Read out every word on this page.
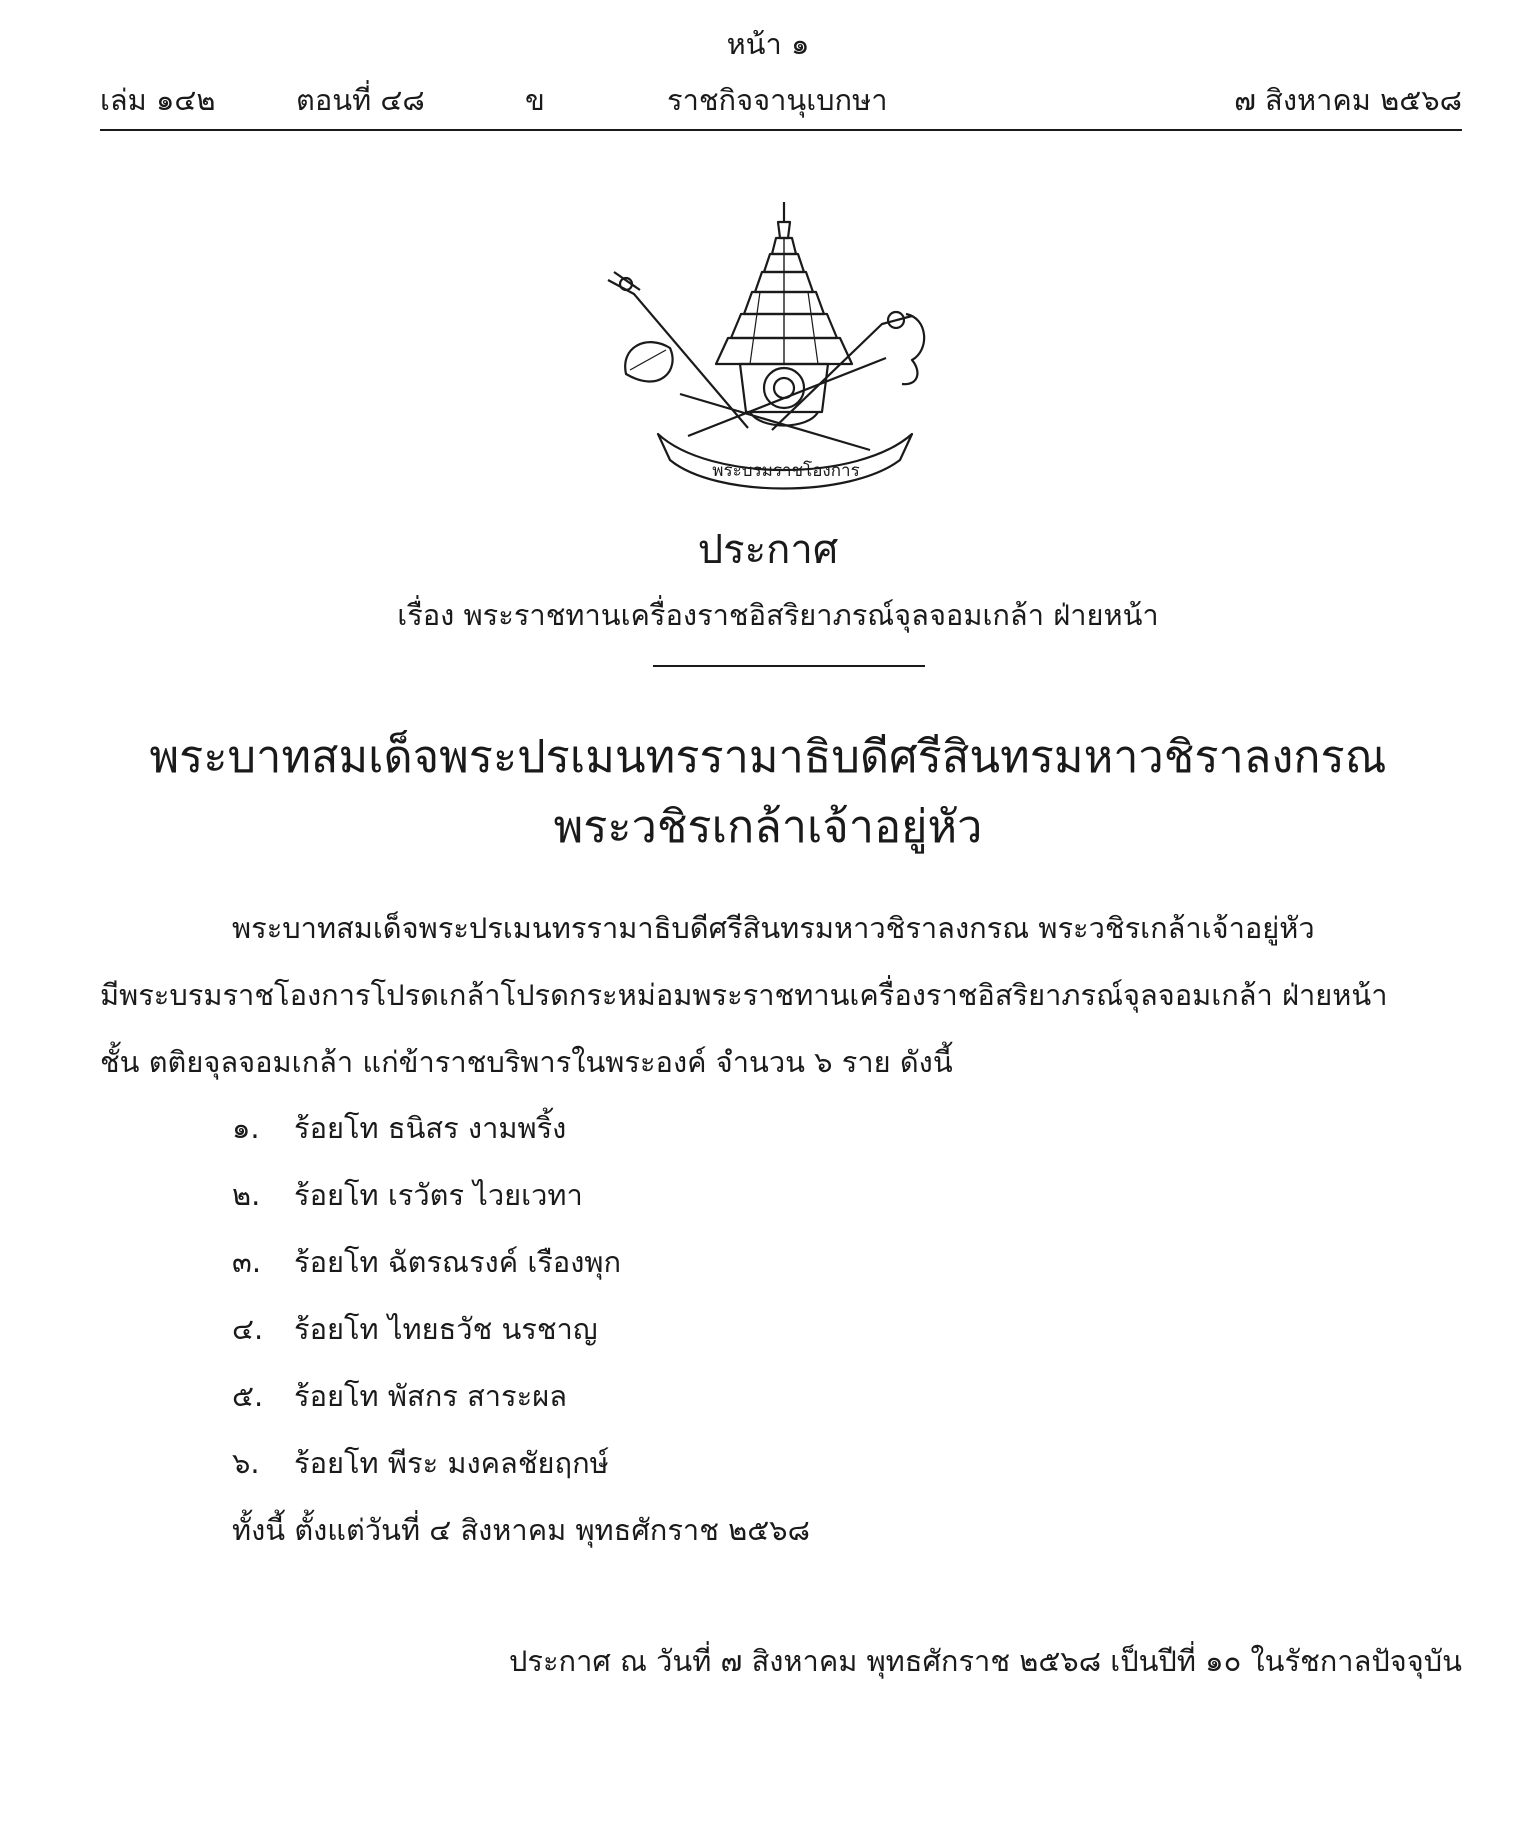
หน้า ๑
เล่ม ๑๔๒	ตอนที่ ๔๘	ข	ราชกิจจานุเบกษา	๗ สิงหาคม ๒๕๖๘
พระบรมราชโองการ
ประกาศ
เรื่อง พระราชทานเครื่องราชอิสริยาภรณ์จุลจอมเกล้า ฝ่ายหน้า
พระบาทสมเด็จพระปรเมนทรรามาธิบดีศรีสินทรมหาวชิราลงกรณ
พระวชิรเกล้าเจ้าอยู่หัว
พระบาทสมเด็จพระปรเมนทรรามาธิบดีศรีสินทรมหาวชิราลงกรณ พระวชิรเกล้าเจ้าอยู่หัว
มีพระบรมราชโองการโปรดเกล้าโปรดกระหม่อมพระราชทานเครื่องราชอิสริยาภรณ์จุลจอมเกล้า ฝ่ายหน้า
ชั้น ตติยจุลจอมเกล้า แก่ข้าราชบริพารในพระองค์ จำนวน ๖ ราย ดังนี้
๑. ร้อยโท ธนิสร งามพริ้ง
๒. ร้อยโท เรวัตร ไวยเวทา
๓. ร้อยโท ฉัตรณรงค์ เรืองพุก
๔. ร้อยโท ไทยธวัช นรชาญ
๕. ร้อยโท พัสกร สาระผล
๖. ร้อยโท พีระ มงคลชัยฤกษ์
ทั้งนี้ ตั้งแต่วันที่ ๔ สิงหาคม พุทธศักราช ๒๕๖๘
ประกาศ ณ วันที่ ๗ สิงหาคม พุทธศักราช ๒๕๖๘ เป็นปีที่ ๑๐ ในรัชกาลปัจจุบัน
